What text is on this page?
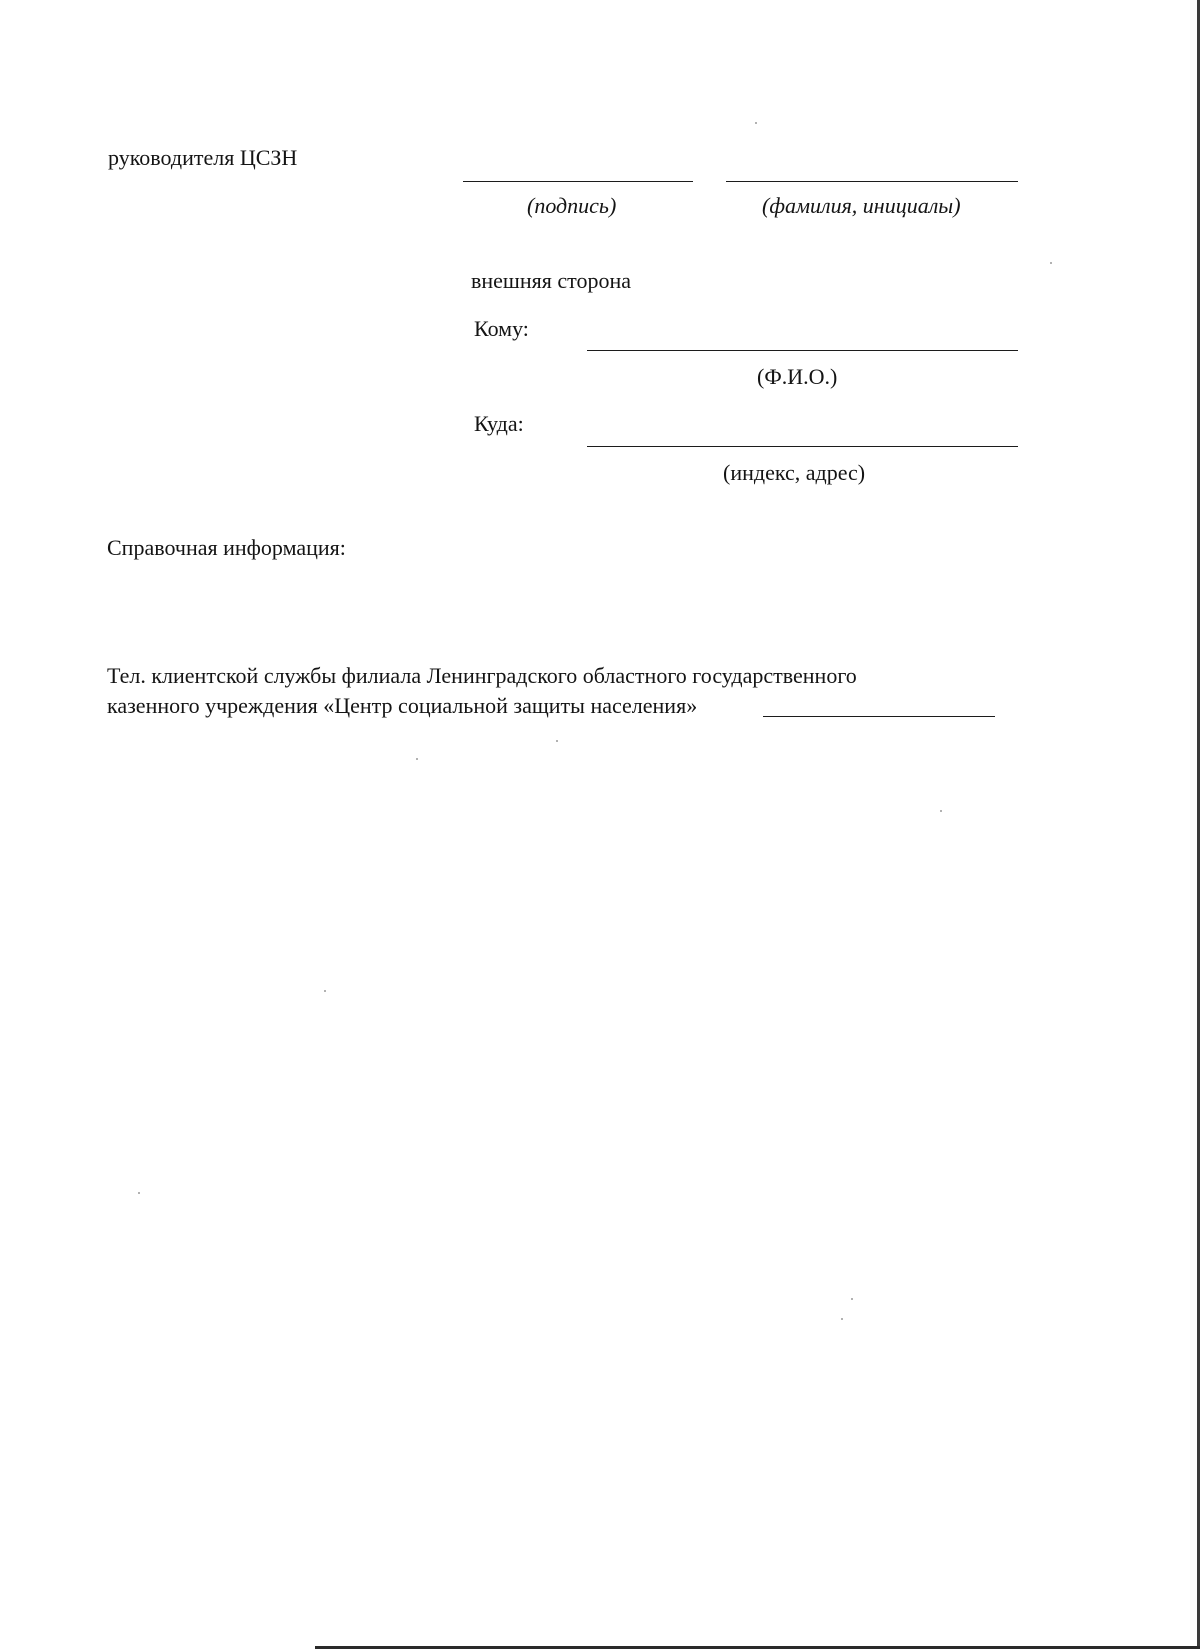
руководителя ЦСЗН
(подпись)	(фамилия, инициалы)
внешняя сторона
Кому:
(Ф.И.О.)
Куда:
(индекс, адрес)
Справочная информация:
Тел. клиентской службы филиала Ленинградского областного государственного
казенного учреждения «Центр социальной защиты населения»
